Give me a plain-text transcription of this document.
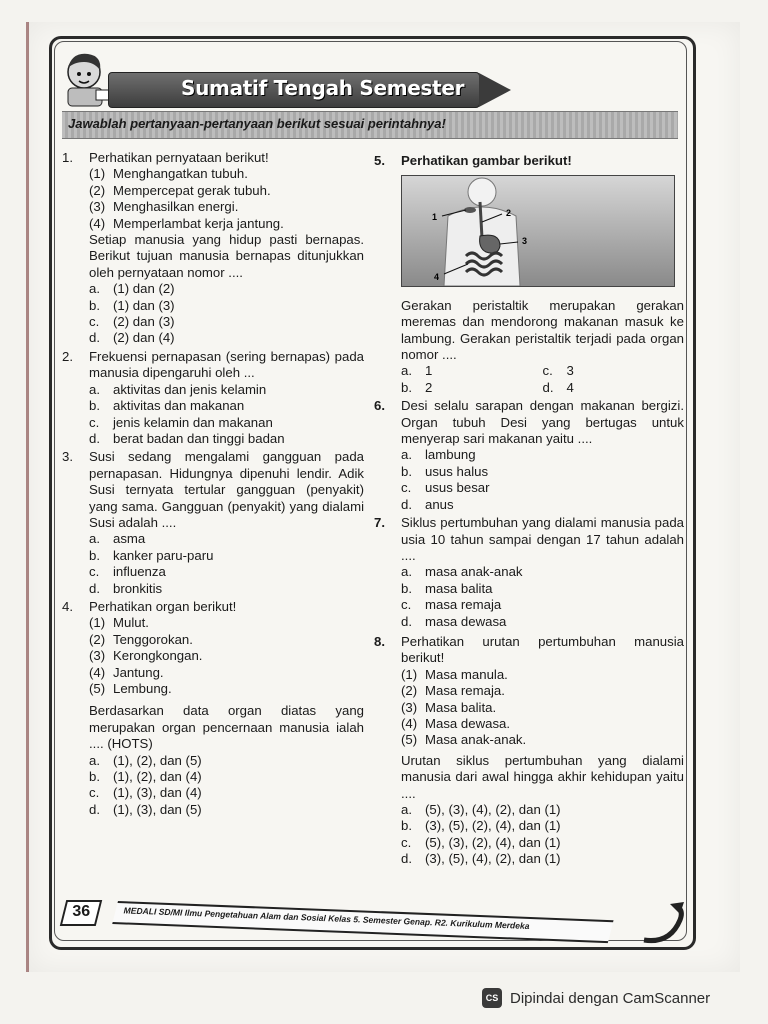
Sumatif Tengah Semester
Jawablah pertanyaan-pertanyaan berikut sesuai perintahnya!
1. Perhatikan pernyataan berikut!
(1) Menghangatkan tubuh.
(2) Mempercepat gerak tubuh.
(3) Menghasilkan energi.
(4) Memperlambat kerja jantung.
Setiap manusia yang hidup pasti bernapas. Berikut tujuan manusia bernapas ditunjukkan oleh pernyataan nomor ....
a. (1) dan (2)
b. (1) dan (3)
c. (2) dan (3)
d. (2) dan (4)
2. Frekuensi pernapasan (sering bernapas) pada manusia dipengaruhi oleh ...
a. aktivitas dan jenis kelamin
b. aktivitas dan makanan
c. jenis kelamin dan makanan
d. berat badan dan tinggi badan
3. Susi sedang mengalami gangguan pada pernapasan. Hidungnya dipenuhi lendir. Adik Susi ternyata tertular gangguan (penyakit) yang sama. Gangguan (penyakit) yang dialami Susi adalah ....
a. asma
b. kanker paru-paru
c. influenza
d. bronkitis
4. Perhatikan organ berikut!
(1) Mulut.
(2) Tenggorokan.
(3) Kerongkongan.
(4) Jantung.
(5) Lembung.
Berdasarkan data organ diatas yang merupakan organ pencernaan manusia ialah .... (HOTS)
a. (1), (2), dan (5)
b. (1), (2), dan (4)
c. (1), (3), dan (4)
d. (1), (3), dan (5)
5. Perhatikan gambar berikut!
1	2
3
4
Gerakan peristaltik merupakan gerakan meremas dan mendorong makanan masuk ke lambung. Gerakan peristaltik terjadi pada organ nomor ....
a. 1	c. 3
b. 2	d. 4
6. Desi selalu sarapan dengan makanan bergizi. Organ tubuh Desi yang bertugas untuk menyerap sari makanan yaitu ....
a. lambung
b. usus halus
c. usus besar
d. anus
7. Siklus pertumbuhan yang dialami manusia pada usia 10 tahun sampai dengan 17 tahun adalah ....
a. masa anak-anak
b. masa balita
c. masa remaja
d. masa dewasa
8. Perhatikan urutan pertumbuhan manusia berikut!
(1) Masa manula.
(2) Masa remaja.
(3) Masa balita.
(4) Masa dewasa.
(5) Masa anak-anak.
Urutan siklus pertumbuhan yang dialami manusia dari awal hingga akhir kehidupan yaitu ....
a. (5), (3), (4), (2), dan (1)
b. (3), (5), (2), (4), dan (1)
c. (5), (3), (2), (4), dan (1)
d. (3), (5), (4), (2), dan (1)
36	MEDALI SD/MI Ilmu Pengetahuan Alam dan Sosial Kelas 5. Semester Genap. R2. Kurikulum Merdeka
CS Dipindai dengan CamScanner
